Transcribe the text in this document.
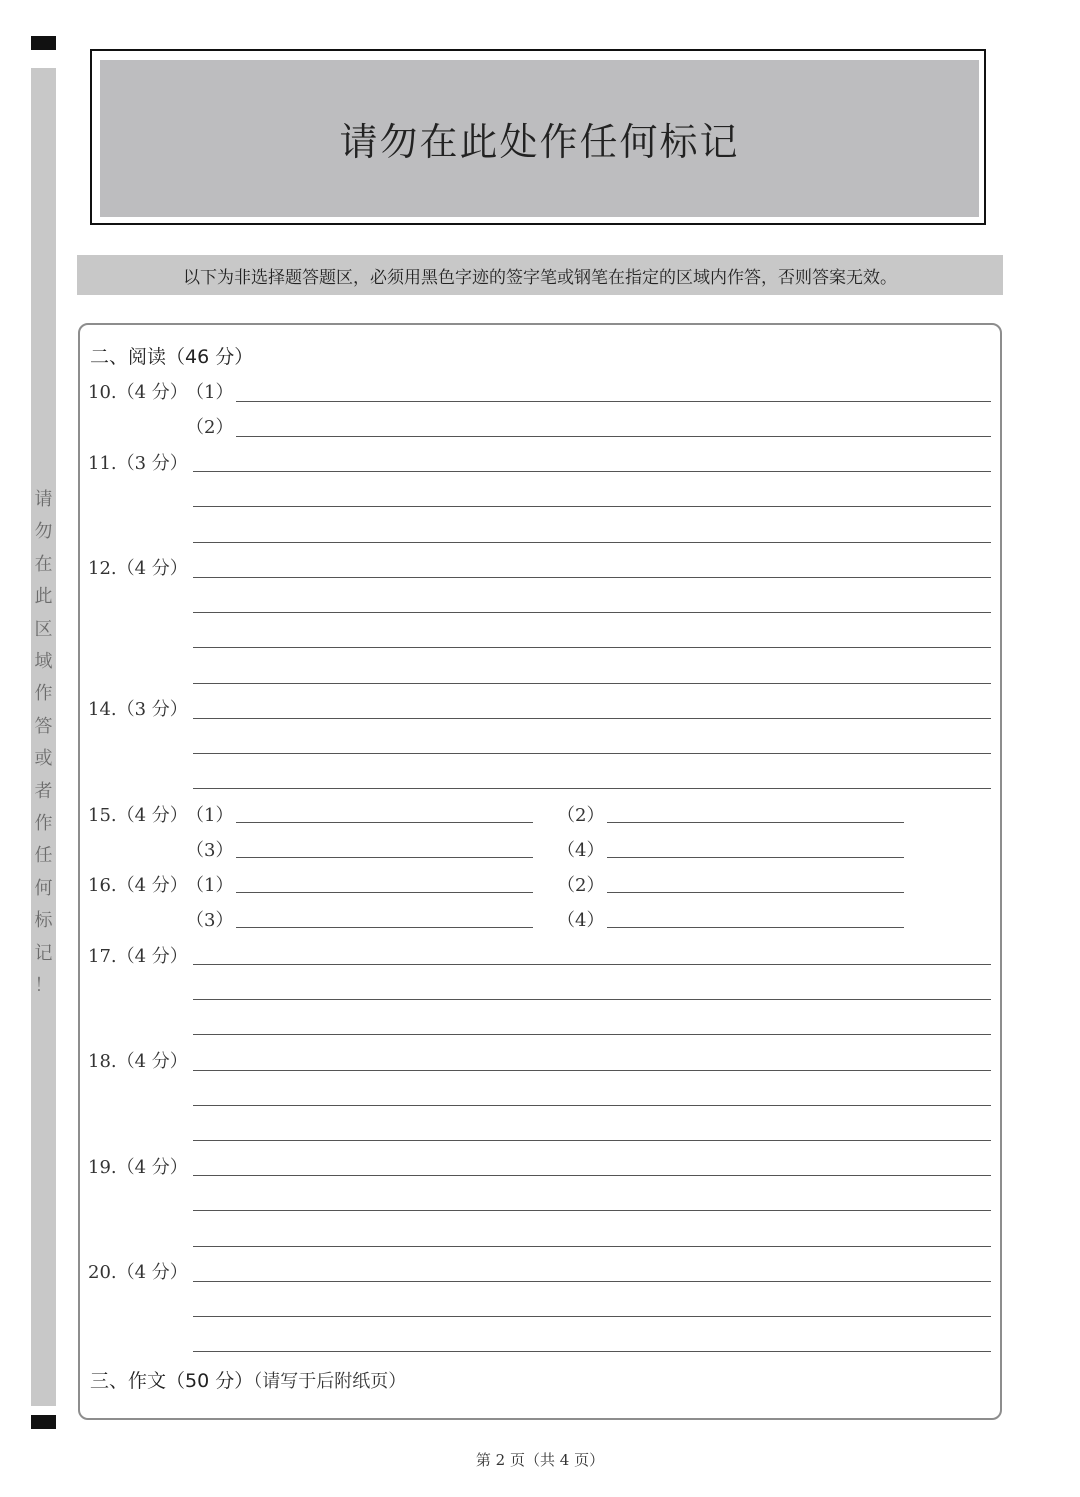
请
勿
在
此
区
域
作
答
或
者
作
任
何
标
记
！
请勿在此处作任何标记
以下为非选择题答题区，必须用黑色字迹的签字笔或钢笔在指定的区域内作答，否则答案无效。
二、阅读（46 分）
10.（4 分）
（1）
（2）
11.（3 分）
12.（4 分）
14.（3 分）
15.（4 分）
（1）	（2）
（3）	（4）
16.（4 分）
（1）	（2）
（3）	（4）
17.（4 分）
18.（4 分）
19.（4 分）
20.（4 分）
三、作文（50 分）（请写于后附纸页）
第 2 页（共 4 页）
